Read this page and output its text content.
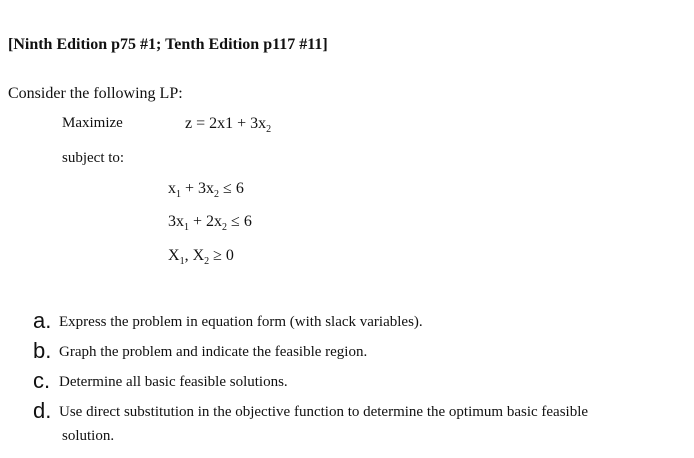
[Ninth Edition p75 #1; Tenth Edition p117 #11]
Consider the following LP:
Maximize	$z = 2x1 + 3x_2$
subject to:
$x_1 + 3x_2 \le 6$
$3x_1 + 2x_2 \le 6$
$X_1$, $X_2 \ge 0$
a. Express the problem in equation form (with slack variables).
b. Graph the problem and indicate the feasible region.
c. Determine all basic feasible solutions.
d. Use direct substitution in the objective function to determine the optimum basic feasible
solution.
